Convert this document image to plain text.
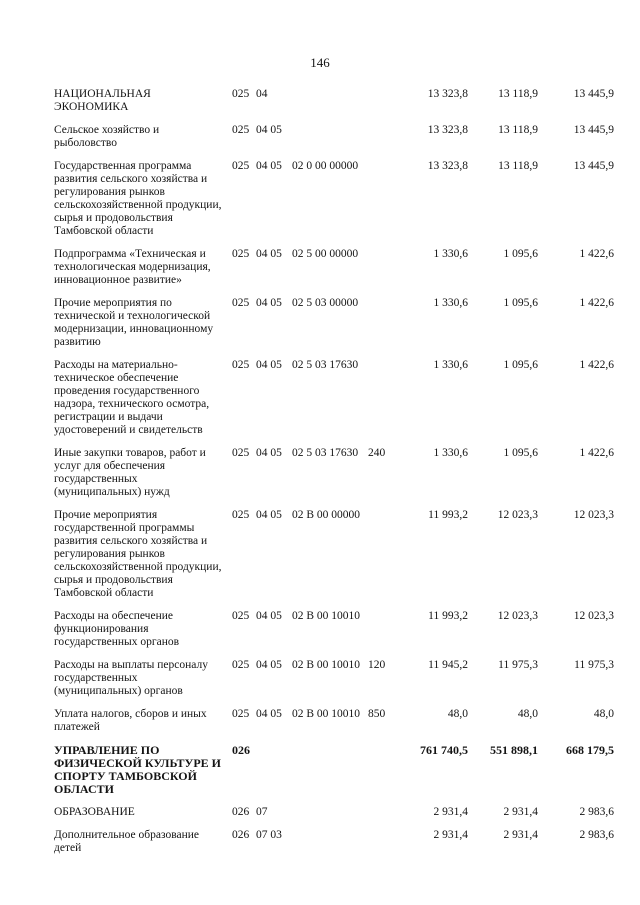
146
НАЦИОНАЛЬНАЯ ЭКОНОМИКА	025	04			13 323,8	13 118,9	13 445,9
Сельское хозяйство и рыболовство	025	04 05			13 323,8	13 118,9	13 445,9
Государственная программа развития сельского хозяйства и регулирования рынков сельскохозяйственной продукции, сырья и продовольствия Тамбовской области	025	04 05	02 0 00 00000		13 323,8	13 118,9	13 445,9
Подпрограмма «Техническая и технологическая модернизация, инновационное развитие»	025	04 05	02 5 00 00000		1 330,6	1 095,6	1 422,6
Прочие мероприятия по технической и технологической модернизации, инновационному развитию	025	04 05	02 5 03 00000		1 330,6	1 095,6	1 422,6
Расходы на материально-техническое обеспечение проведения государственного надзора, технического осмотра, регистрации и выдачи удостоверений и свидетельств	025	04 05	02 5 03 17630		1 330,6	1 095,6	1 422,6
Иные закупки товаров, работ и услуг для обеспечения государственных (муниципальных) нужд	025	04 05	02 5 03 17630	240	1 330,6	1 095,6	1 422,6
Прочие мероприятия государственной программы развития сельского хозяйства и регулирования рынков сельскохозяйственной продукции, сырья и продовольствия Тамбовской области	025	04 05	02 В 00 00000		11 993,2	12 023,3	12 023,3
Расходы на обеспечение функционирования государственных органов	025	04 05	02 В 00 10010		11 993,2	12 023,3	12 023,3
Расходы на выплаты персоналу государственных (муниципальных) органов	025	04 05	02 В 00 10010	120	11 945,2	11 975,3	11 975,3
Уплата налогов, сборов и иных платежей	025	04 05	02 В 00 10010	850	48,0	48,0	48,0
УПРАВЛЕНИЕ ПО ФИЗИЧЕСКОЙ КУЛЬТУРЕ И СПОРТУ ТАМБОВСКОЙ ОБЛАСТИ	026				761 740,5	551 898,1	668 179,5
ОБРАЗОВАНИЕ	026	07			2 931,4	2 931,4	2 983,6
Дополнительное образование детей	026	07 03			2 931,4	2 931,4	2 983,6
